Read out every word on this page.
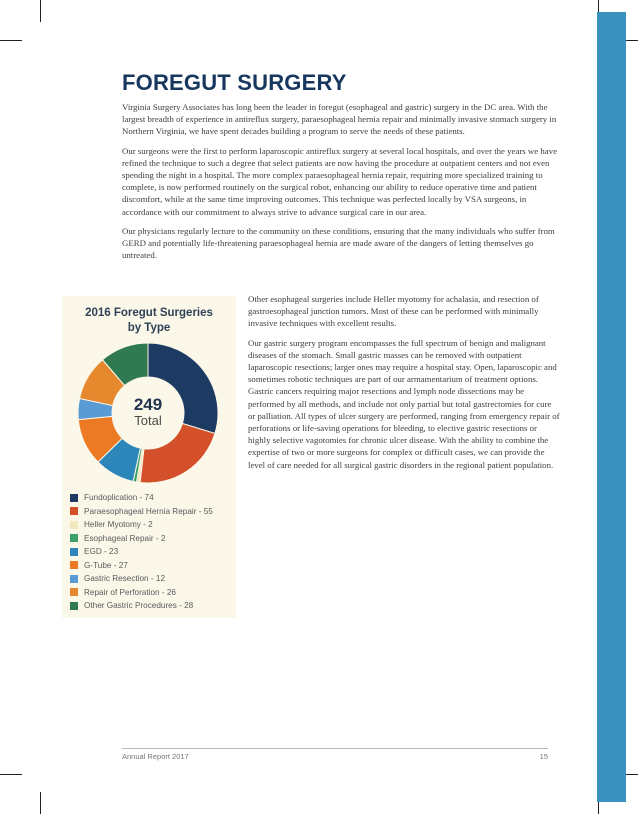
FOREGUT SURGERY

Virginia Surgery Associates has long been the leader in foregut (esophageal and gastric) surgery in the DC area. With the largest breadth of experience in antireflux surgery, paraesophageal hernia repair and minimally invasive stomach surgery in Northern Virginia, we have spent decades building a program to serve the needs of these patients.

Our surgeons were the first to perform laparoscopic antireflux surgery at several local hospitals, and over the years we have refined the technique to such a degree that select patients are now having the procedure at outpatient centers and not even spending the night in a hospital. The more complex paraesophageal hernia repair, requiring more specialized training to complete, is now performed routinely on the surgical robot, enhancing our ability to reduce operative time and patient discomfort, while at the same time improving outcomes. This technique was perfected locally by VSA surgeons, in accordance with our commitment to always strive to advance surgical care in our area.

Our physicians regularly lecture to the community on these conditions, ensuring that the many individuals who suffer from GERD and potentially life-threatening paraesophageal hernia are made aware of the dangers of letting themselves go untreated.

2016 Foregut Surgeries
by Type
249
Total
Fundoplication - 74
Paraesophageal Hernia Repair - 55
Heller Myotomy - 2
Esophageal Repair - 2
EGD - 23
G-Tube - 27
Gastric Resection - 12
Repair of Perforation - 26
Other Gastric Procedures - 28

Other esophageal surgeries include Heller myotomy for achalasia, and resection of gastroesophageal junction tumors. Most of these can be performed with minimally invasive techniques with excellent results.

Our gastric surgery program encompasses the full spectrum of benign and malignant diseases of the stomach. Small gastric masses can be removed with outpatient laparoscopic resections; larger ones may require a hospital stay. Open, laparoscopic and sometimes robotic techniques are part of our armamentarium of treatment options. Gastric cancers requiring major resections and lymph node dissections may be performed by all methods, and include not only partial but total gastrectomies for cure or palliation. All types of ulcer surgery are performed, ranging from emergency repair of perforations or life-saving operations for bleeding, to elective gastric resections or highly selective vagotomies for chronic ulcer disease. With the ability to combine the expertise of two or more surgeons for complex or difficult cases, we can provide the level of care needed for all surgical gastric disorders in the regional patient population.

Annual Report 2017	15
